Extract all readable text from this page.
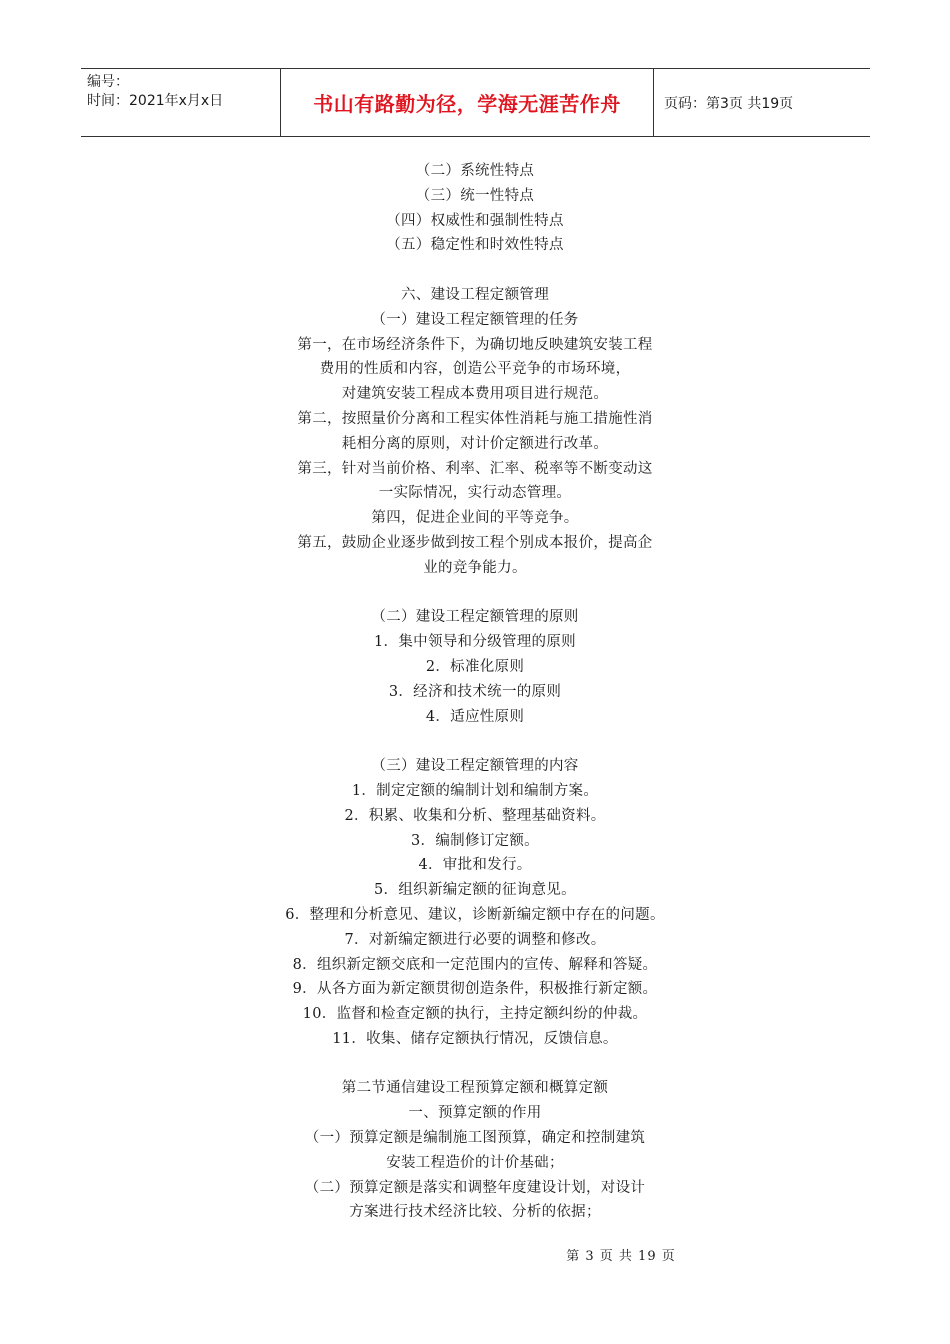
编号：
时间：2021年x月x日	书山有路勤为径，学海无涯苦作舟	页码：第3页 共19页
（二）系统性特点
（三）统一性特点
（四）权威性和强制性特点
（五）稳定性和时效性特点
六、建设工程定额管理
（一）建设工程定额管理的任务
第一，在市场经济条件下，为确切地反映建筑安装工程
费用的性质和内容，创造公平竞争的市场环境，
对建筑安装工程成本费用项目进行规范。
第二，按照量价分离和工程实体性消耗与施工措施性消
耗相分离的原则，对计价定额进行改革。
第三，针对当前价格、利率、汇率、税率等不断变动这
一实际情况，实行动态管理。
第四，促进企业间的平等竞争。
第五，鼓励企业逐步做到按工程个别成本报价，提高企
业的竞争能力。
（二）建设工程定额管理的原则
1．集中领导和分级管理的原则
2．标准化原则
3．经济和技术统一的原则
4．适应性原则
（三）建设工程定额管理的内容
1．制定定额的编制计划和编制方案。
2．积累、收集和分析、整理基础资料。
3．编制修订定额。
4．审批和发行。
5．组织新编定额的征询意见。
6．整理和分析意见、建议，诊断新编定额中存在的问题。
7．对新编定额进行必要的调整和修改。
8．组织新定额交底和一定范围内的宣传、解释和答疑。
9．从各方面为新定额贯彻创造条件，积极推行新定额。
10．监督和检查定额的执行，主持定额纠纷的仲裁。
11．收集、储存定额执行情况，反馈信息。
第二节通信建设工程预算定额和概算定额
一、预算定额的作用
（一）预算定额是编制施工图预算，确定和控制建筑
安装工程造价的计价基础；
（二）预算定额是落实和调整年度建设计划，对设计
方案进行技术经济比较、分析的依据；
第 3 页 共 19 页
